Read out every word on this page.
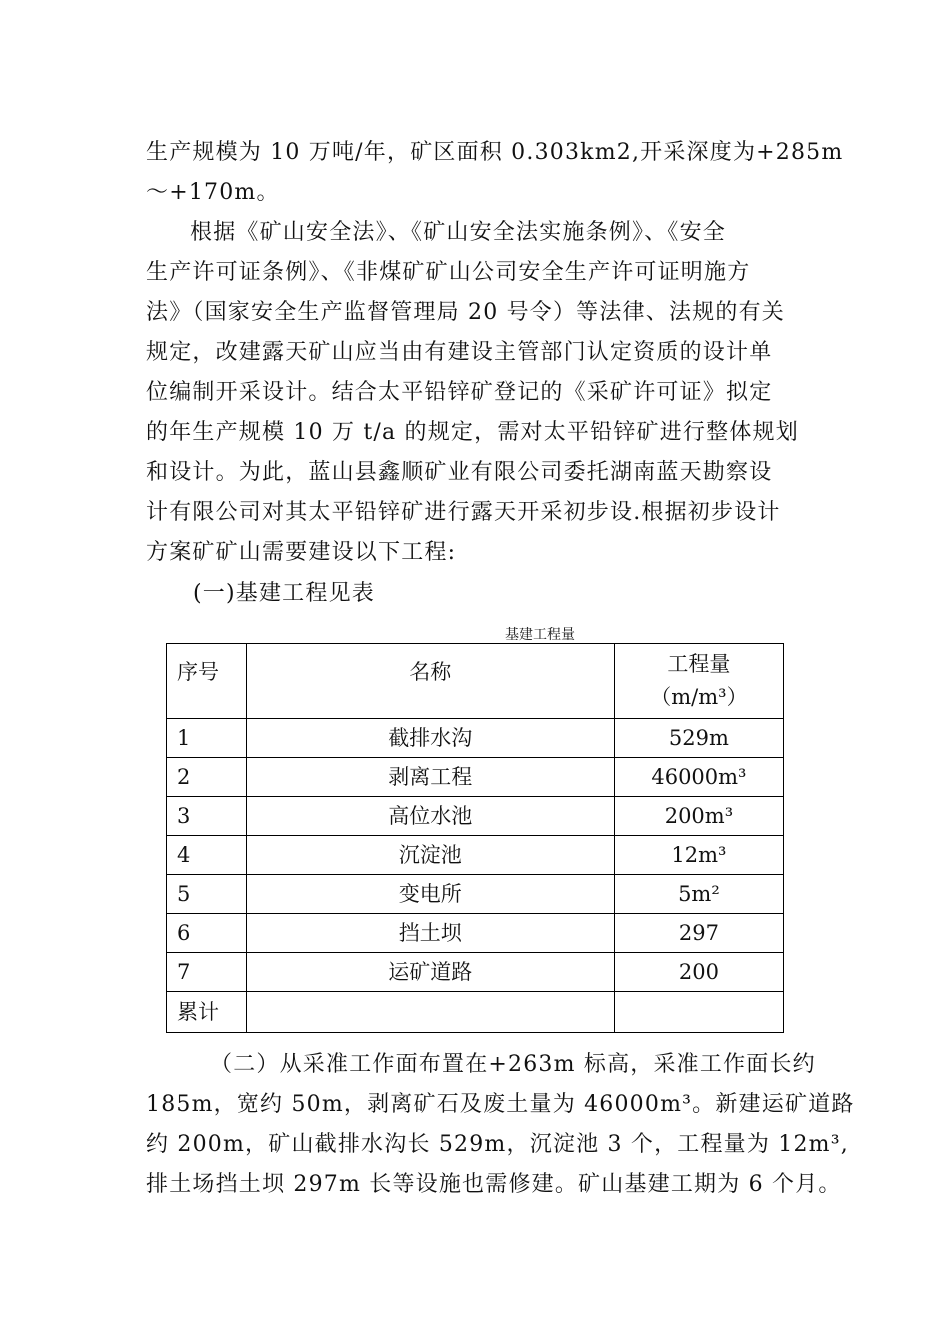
生产规模为 10 万吨/年，矿区面积 0.303km2,开采深度为+285m
～+170m。

根据《矿山安全法》、《矿山安全法实施条例》、《安全
生产许可证条例》、《非煤矿矿山公司安全生产许可证明施方
法》（国家安全生产监督管理局 20 号令）等法律、法规的有关
规定，改建露天矿山应当由有建设主管部门认定资质的设计单
位编制开采设计。结合太平铅锌矿登记的《采矿许可证》拟定
的年生产规模 10 万 t/a 的规定，需对太平铅锌矿进行整体规划
和设计。为此，蓝山县鑫顺矿业有限公司委托湖南蓝天勘察设
计有限公司对其太平铅锌矿进行露天开采初步设.根据初步设计
方案矿矿山需要建设以下工程:

(一)基建工程见表

基建工程量

序号	名称	工程量
（m/m³）

1	截排水沟	529m
2	剥离工程	46000m³
3	高位水池	200m³
4	沉淀池	12m³
5	变电所	5m²
6	挡土坝	297
7	运矿道路	200
累计		

（二）从采准工作面布置在+263m 标高，采准工作面长约
185m，宽约 50m，剥离矿石及废土量为 46000m³。新建运矿道路
约 200m，矿山截排水沟长 529m，沉淀池 3 个，工程量为 12m³,
排土场挡土坝 297m 长等设施也需修建。矿山基建工期为 6 个月。
